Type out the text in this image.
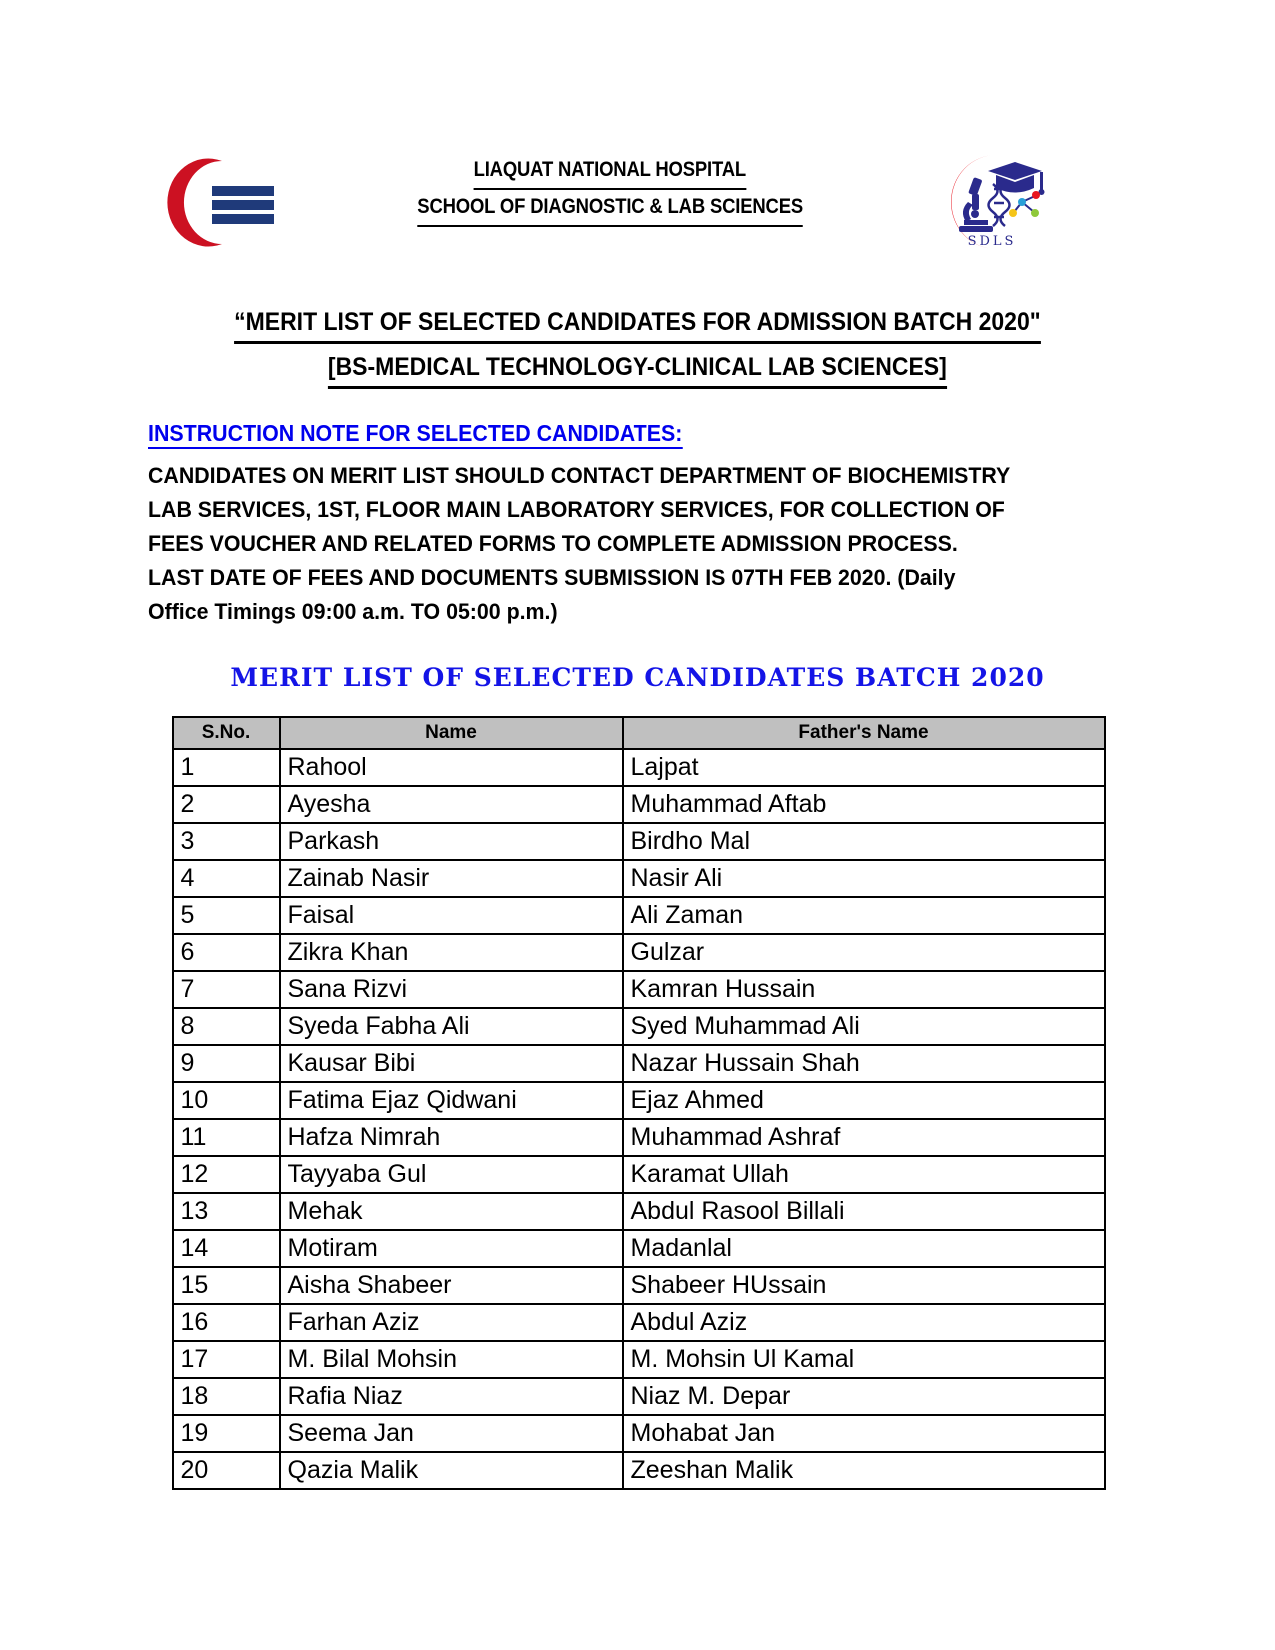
LIAQUAT NATIONAL HOSPITAL
SCHOOL OF DIAGNOSTIC & LAB SCIENCES
SDLS
“MERIT LIST OF SELECTED CANDIDATES FOR ADMISSION BATCH 2020"
[BS-MEDICAL TECHNOLOGY-CLINICAL LAB SCIENCES]
INSTRUCTION NOTE FOR SELECTED CANDIDATES:
CANDIDATES ON MERIT LIST SHOULD CONTACT DEPARTMENT OF BIOCHEMISTRY LAB SERVICES, 1ST, FLOOR MAIN LABORATORY SERVICES, FOR COLLECTION OF FEES VOUCHER AND RELATED FORMS TO COMPLETE ADMISSION PROCESS. LAST DATE OF FEES AND DOCUMENTS SUBMISSION IS 07TH FEB 2020. (Daily Office Timings 09:00 a.m. TO 05:00 p.m.)
MERIT LIST OF SELECTED CANDIDATES BATCH 2020
S.No.	Name	Father's Name
1	Rahool	Lajpat
2	Ayesha	Muhammad Aftab
3	Parkash	Birdho Mal
4	Zainab Nasir	Nasir Ali
5	Faisal	Ali Zaman
6	Zikra Khan	Gulzar
7	Sana Rizvi	Kamran Hussain
8	Syeda Fabha Ali	Syed Muhammad Ali
9	Kausar Bibi	Nazar Hussain Shah
10	Fatima Ejaz Qidwani	Ejaz Ahmed
11	Hafza Nimrah	Muhammad Ashraf
12	Tayyaba Gul	Karamat Ullah
13	Mehak	Abdul Rasool Billali
14	Motiram	Madanlal
15	Aisha Shabeer	Shabeer HUssain
16	Farhan Aziz	Abdul Aziz
17	M. Bilal Mohsin	M. Mohsin Ul Kamal
18	Rafia Niaz	Niaz M. Depar
19	Seema Jan	Mohabat Jan
20	Qazia Malik	Zeeshan Malik
